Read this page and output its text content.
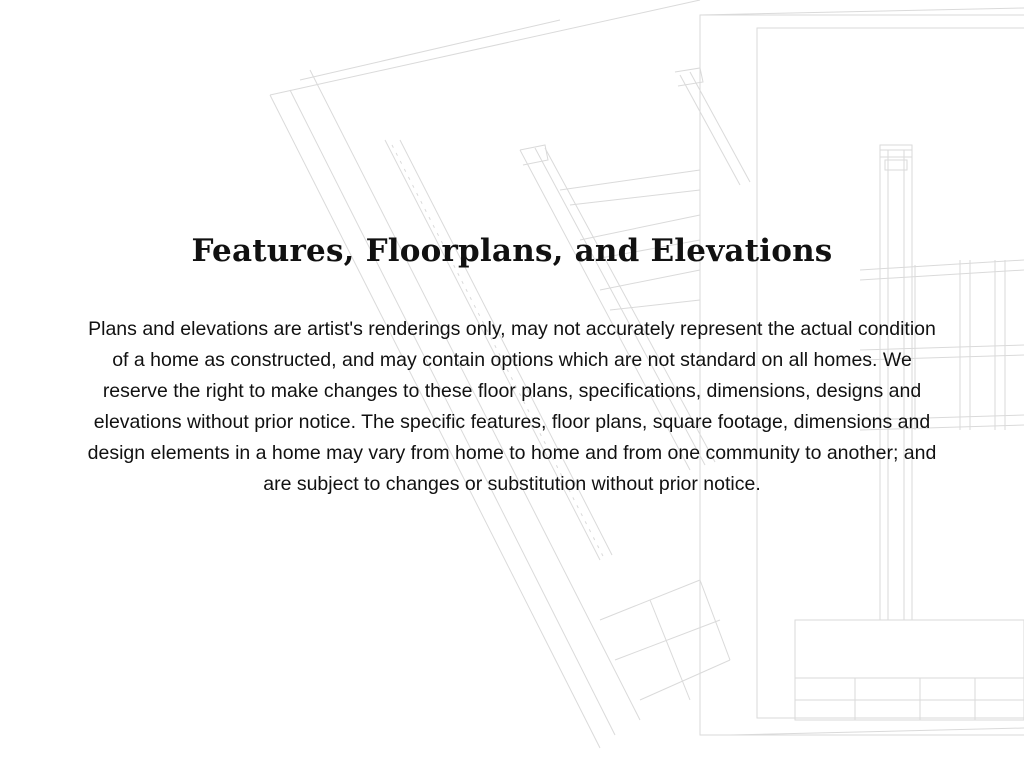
Features, Floorplans, and Elevations

Plans and elevations are artist's renderings only, may not accurately represent the actual condition of a home as constructed, and may contain options which are not standard on all homes. We reserve the right to make changes to these floor plans, specifications, dimensions, designs and elevations without prior notice. The specific features, floor plans, square footage, dimensions and design elements in a home may vary from home to home and from one community to another; and are subject to changes or substitution without prior notice.
